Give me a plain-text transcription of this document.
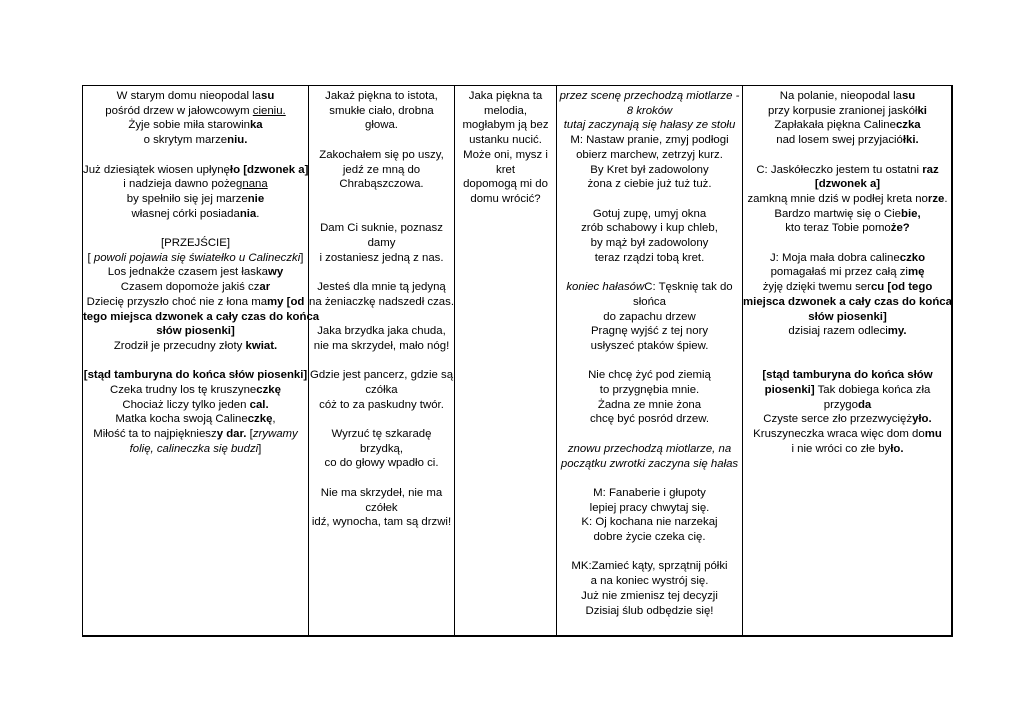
W starym domu nieopodal lasu
pośród drzew w jałowcowym cieniu.
Żyje sobie miła starowinka
o skrytym marzeniu.
Już dziesiątek wiosen upłynęło [dzwonek a]
i nadzieja dawno pożegnana
by spełniło się jej marzenie
własnej córki posiadania.
[PRZEJŚCIE]
[ powoli pojawia się światełko u Calineczki]
Los jednakże czasem jest łaskawy
Czasem dopomoże jakiś czar
Dziecię przyszło choć nie z łona mamy [od
tego miejsca dzwonek a cały czas do końca
słów piosenki]
Zrodził je przecudny złoty kwiat.
[stąd tamburyna do końca słów piosenki]
Czeka trudny los tę kruszyneczkę
Chociaż liczy tylko jeden cal.
Matka kocha swoją Calineczkę,
Miłość ta to najpięknieszy dar. [zrywamy
folię, calineczka się budzi]
Jakaż piękna to istota,
smukłe ciało, drobna
głowa.
Zakochałem się po uszy,
jedź ze mną do
Chrabąszczowa.
Dam Ci suknie, poznasz
damy
i zostaniesz jedną z nas.
Jesteś dla mnie tą jedyną
na żeniaczkę nadszedł czas.
Jaka brzydka jaka chuda,
nie ma skrzydeł, mało nóg!
Gdzie jest pancerz, gdzie są
czółka
cóż to za paskudny twór.
Wyrzuć tę szkaradę
brzydką,
co do głowy wpadło ci.
Nie ma skrzydeł, nie ma
czółek
idź, wynocha, tam są drzwi!
Jaka piękna ta
melodia,
mogłabym ją bez
ustanku nucić.
Może oni, mysz i
kret
dopomogą mi do
domu wrócić?
przez scenę przechodzą miotlarze -
8 kroków
tutaj zaczynają się hałasy ze stołu
M: Nastaw pranie, zmyj podłogi
obierz marchew, zetrzyj kurz.
By Kret był zadowolony
żona z ciebie już tuż tuż.
Gotuj zupę, umyj okna
zrób schabowy i kup chleb,
by mąż był zadowolony
teraz rządzi tobą kret.
koniec hałasówC: Tęsknię tak do
słońca
do zapachu drzew
Pragnę wyjść z tej nory
usłyszeć ptaków śpiew.
Nie chcę żyć pod ziemią
to przygnębia mnie.
Żadna ze mnie żona
chcę być posród drzew.
znowu przechodzą miotlarze, na
początku zwrotki zaczyna się hałas
M: Fanaberie i głupoty
lepiej pracy chwytaj się.
K: Oj kochana nie narzekaj
dobre życie czeka cię.
MK:Zamieć kąty, sprzątnij półki
a na koniec wystrój się.
Już nie zmienisz tej decyzji
Dzisiaj ślub odbędzie się!
Na polanie, nieopodal lasu
przy korpusie zranionej jaskółki
Zapłakała piękna Calineczka
nad losem swej przyjaciółki.
C: Jaskółeczko jestem tu ostatni raz
[dzwonek a]
zamkną mnie dziś w podłej kreta norze.
Bardzo martwię się o Ciebie,
kto teraz Tobie pomoże?
J: Moja mała dobra calineczko
pomagałaś mi przez całą zimę
żyję dzięki twemu sercu [od tego
miejsca dzwonek a cały czas do końca
słów piosenki]
dzisiaj razem odlecimy.
[stąd tamburyna do końca słów
piosenki] Tak dobiega końca zła
przygoda
Czyste serce zło przezwyciężyło.
Kruszyneczka wraca więc dom domu
i nie wróci co złe było.
